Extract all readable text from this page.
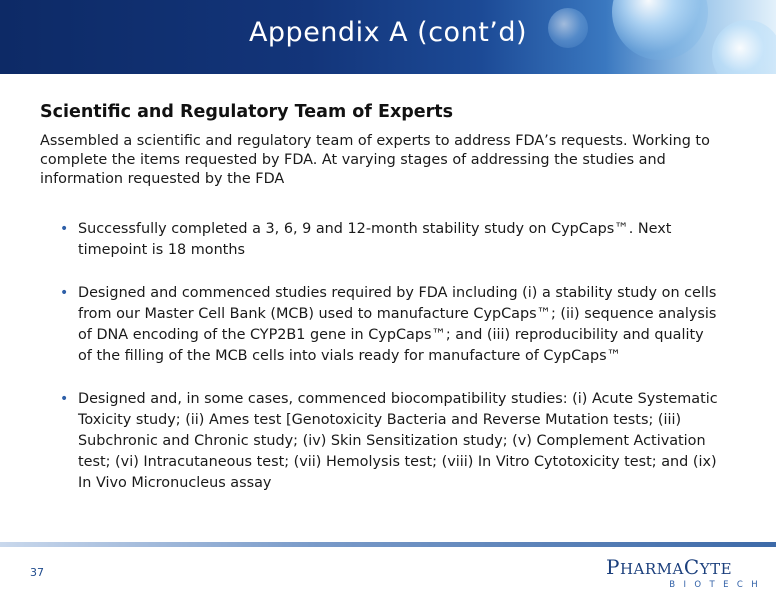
Appendix A (cont’d)
Scientific and Regulatory Team of Experts
Assembled a scientific and regulatory team of experts to address FDA’s requests. Working to complete the items requested by FDA. At varying stages of addressing the studies and information requested by the FDA
• Successfully completed a 3, 6, 9 and 12-month stability study on CypCaps™. Next timepoint is 18 months
• Designed and commenced studies required by FDA including (i) a stability study on cells from our Master Cell Bank (MCB) used to manufacture CypCaps™; (ii) sequence analysis of DNA encoding of the CYP2B1 gene in CypCaps™; and (iii) reproducibility and quality of the filling of the MCB cells into vials ready for manufacture of CypCaps™
• Designed and, in some cases, commenced biocompatibility studies: (i) Acute Systematic Toxicity study; (ii) Ames test [Genotoxicity Bacteria and Reverse Mutation tests; (iii) Subchronic and Chronic study; (iv) Skin Sensitization study; (v) Complement Activation test; (vi) Intracutaneous test; (vii) Hemolysis test; (viii) In Vitro Cytotoxicity test; and (ix) In Vivo Micronucleus assay
37	PHARMACYTE
BIOTECH
